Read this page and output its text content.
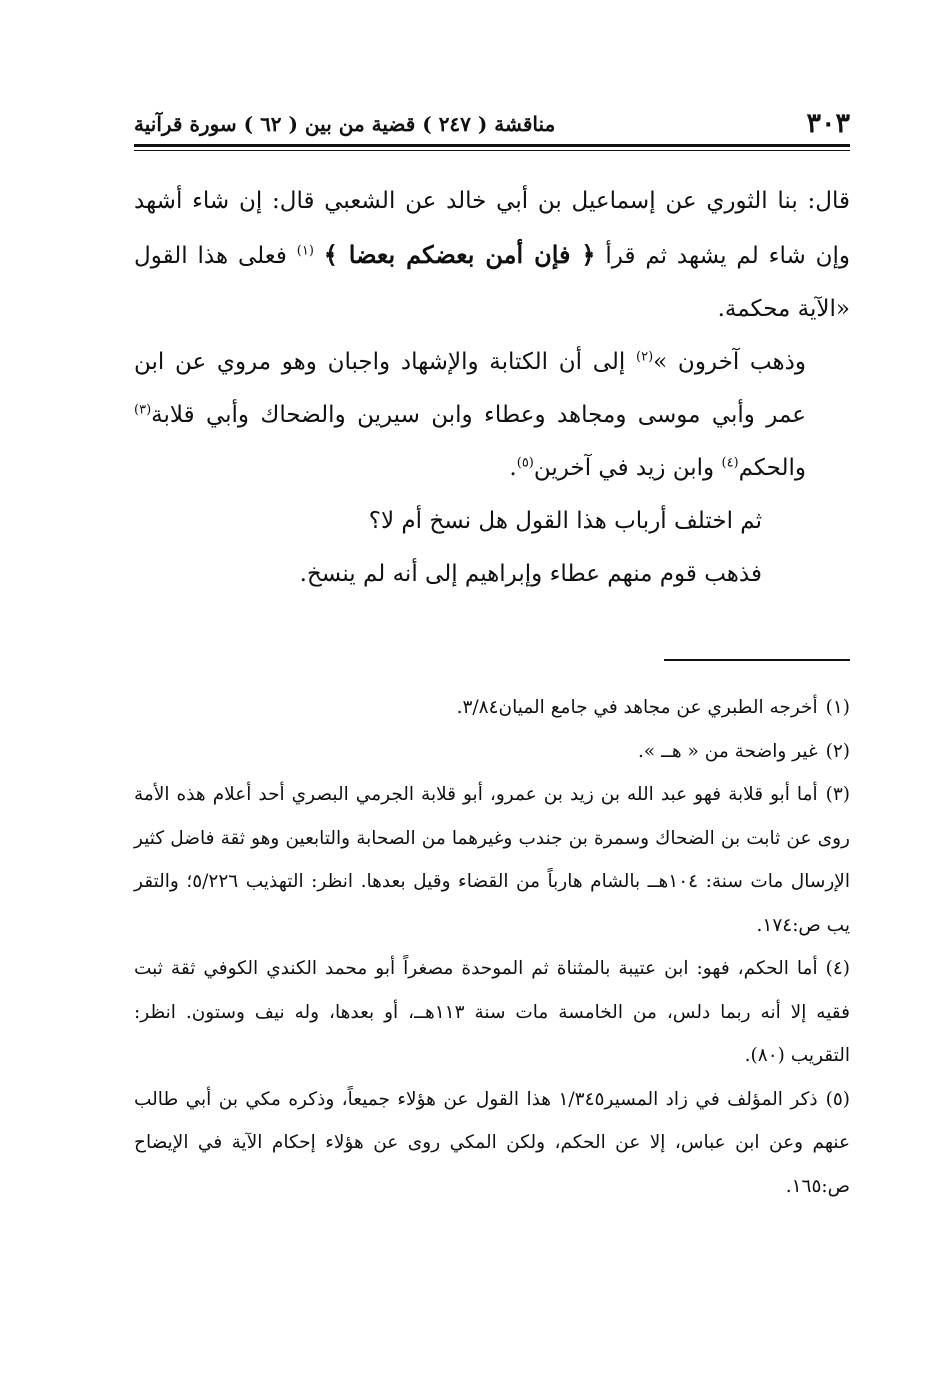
٣٠٣
مناقشة ( ٢٤٧ ) قضية من بين ( ٦٢ ) سورة قرآنية

قال: بنا الثوري عن إسماعيل بن أبي خالد عن الشعبي قال: إن شاء أشهد وإن شاء لم يشهد ثم قرأ ﴿ فإن أمن بعضكم بعضا ﴾ $^{(١)}$ فعلى هذا القول «الآية محكمة.

وذهب آخرون »$^{(٢)}$ إلى أن الكتابة والإشهاد واجبان وهو مروي عن ابن عمر وأبي موسى ومجاهد وعطاء وابن سيرين والضحاك وأبي قلابة$^{(٣)}$ والحكم$^{(٤)}$ وابن زيد في آخرين$^{(٥)}$.

ثم اختلف أرباب هذا القول هل نسخ أم لا؟

فذهب قوم منهم عطاء وإبراهيم إلى أنه لم ينسخ.

(١)أخرجه الطبري عن مجاهد في جامع الميان٣/٨٤.

(٢)غير واضحة من « هــ ».

(٣)أما أبو قلابة فهو عبد الله بن زيد بن عمرو، أبو قلابة الجرمي البصري أحد أعلام هذه الأمة روى عن ثابت بن الضحاك وسمرة بن جندب وغيرهما من الصحابة والتابعين وهو ثقة فاضل كثير الإرسال مات سنة: ١٠٤هــ بالشام هارباً من القضاء وقيل بعدها. انظر: التهذيب ٥/٢٢٦؛ والتقر يب ص:١٧٤.

(٤)أما الحكم، فهو: ابن عتيبة بالمثناة ثم الموحدة مصغراً أبو محمد الكندي الكوفي ثقة ثبت فقيه إلا أنه ربما دلس، من الخامسة مات سنة ١١٣هــ، أو بعدها، وله نيف وستون. انظر: التقريب (٨٠).

(٥)ذكر المؤلف في زاد المسير١/٣٤٥ هذا القول عن هؤلاء جميعاً، وذكره مكي بن أبي طالب عنهم وعن ابن عباس، إلا عن الحكم، ولكن المكي روى عن هؤلاء إحكام الآية في الإيضاح ص:١٦٥.
